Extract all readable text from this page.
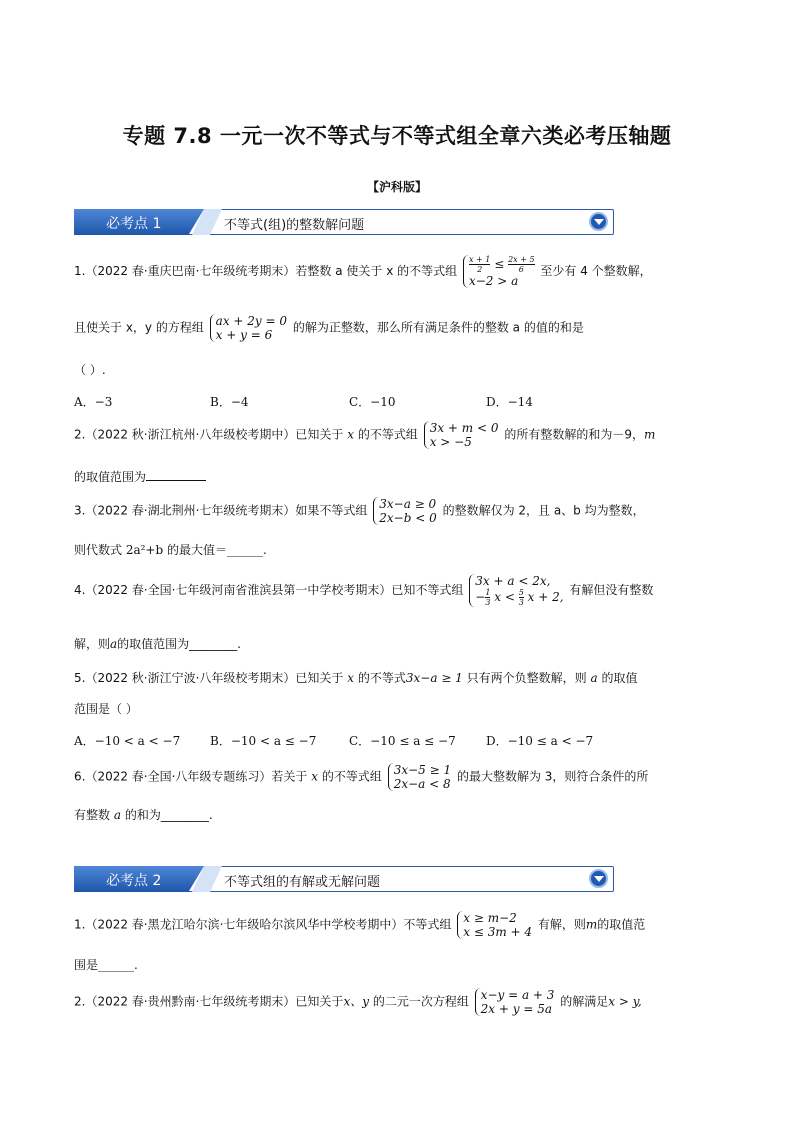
专题 7.8 一元一次不等式与不等式组全章六类必考压轴题
【沪科版】
必考点 1	不等式(组)的整数解问题
1.（2022 春·重庆巴南·七年级统考期末）若整数 a 使关于 x 的不等式组 $\frac{x + 1}{2} \le \frac{2x + 5}{6}$

x−2 > a 至少有 4 个整数解，
且使关于 x，y 的方程组 ax + 2y = 0
x + y = 6 的解为正整数，那么所有满足条件的整数 a 的值的和是
（ ）.
A．−3	B．−4	C．−10	D．−14
2.（2022 秋·浙江杭州·八年级校考期中）已知关于 x 的不等式组 3x + m < 0
x > −5 的所有整数解的和为－9，m
的取值范围为
3.（2022 春·湖北荆州·七年级统考期末）如果不等式组 3x−a ≥ 0
2x−b < 0 的整数解仅为 2，且 a、b 均为整数，
则代数式 2a²+b 的最大值＝______.
4.（2022 春·全国·七年级河南省淮滨县第一中学校考期末）已知不等式组 3x + a < 2x,
− $\frac{1}{3}$ $x < \frac{5}{3}$ x + 2, 有解但没有整数
解，则a的取值范围为________.
5.（2022 秋·浙江宁波·八年级校考期末）已知关于 x 的不等式3x−a ≥ 1 只有两个负整数解，则 a 的取值
范围是（ ）
A．−10 < a < −7 B．−10 < a ≤ −7	C．−10 ≤ a ≤ −7	D．−10 ≤ a < −7
6.（2022 春·全国·八年级专题练习）若关于 x 的不等式组 3x−5 ≥ 1
2x−a < 8 的最大整数解为 3，则符合条件的所
有整数 a 的和为________.
必考点 2	不等式组的有解或无解问题
1.（2022 春·黑龙江哈尔滨·七年级哈尔滨风华中学校考期中）不等式组 x ≥ m−2
x ≤ 3m + 4 有解，则m的取值范
围是______.
2.（2022 春·贵州黔南·七年级统考期末）已知关于x、y 的二元一次方程组 x−y = a + 3
2x + y = 5a 的解满足x > y,
